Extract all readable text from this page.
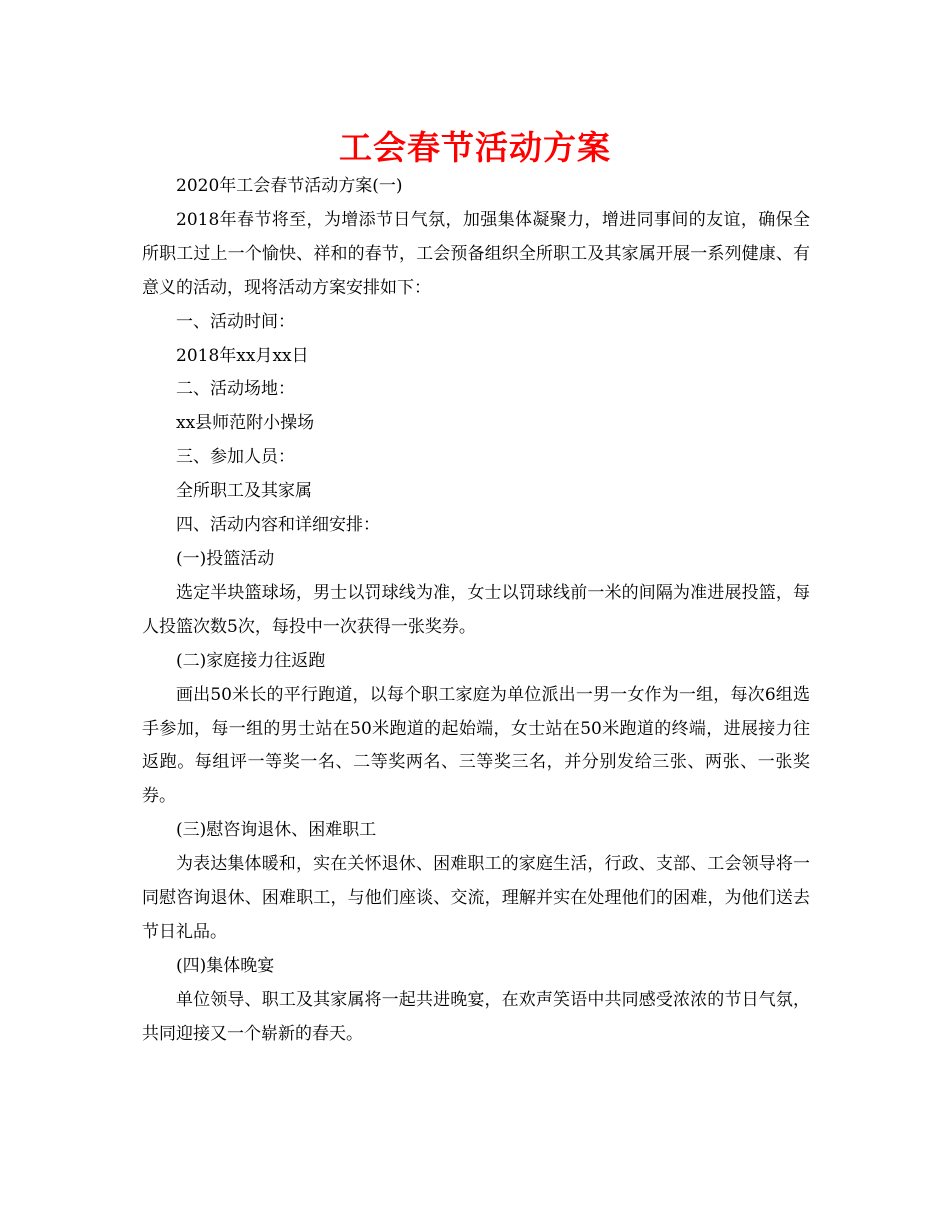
工会春节活动方案

2020年工会春节活动方案(一)

2018年春节将至，为增添节日气氛，加强集体凝聚力，增进同事间的友谊，确保全所职工过上一个愉快、祥和的春节，工会预备组织全所职工及其家属开展一系列健康、有意义的活动，现将活动方案安排如下：

一、活动时间：

2018年xx月xx日

二、活动场地：

xx县师范附小操场

三、参加人员：

全所职工及其家属

四、活动内容和详细安排：

(一)投篮活动

选定半块篮球场，男士以罚球线为准，女士以罚球线前一米的间隔为准进展投篮，每人投篮次数5次，每投中一次获得一张奖券。

(二)家庭接力往返跑

画出50米长的平行跑道，以每个职工家庭为单位派出一男一女作为一组，每次6组选手参加，每一组的男士站在50米跑道的起始端，女士站在50米跑道的终端，进展接力往返跑。每组评一等奖一名、二等奖两名、三等奖三名，并分别发给三张、两张、一张奖券。

(三)慰咨询退休、困难职工

为表达集体暖和，实在关怀退休、困难职工的家庭生活，行政、支部、工会领导将一同慰咨询退休、困难职工，与他们座谈、交流，理解并实在处理他们的困难，为他们送去节日礼品。

(四)集体晚宴

单位领导、职工及其家属将一起共进晚宴，在欢声笑语中共同感受浓浓的节日气氛，共同迎接又一个崭新的春天。
